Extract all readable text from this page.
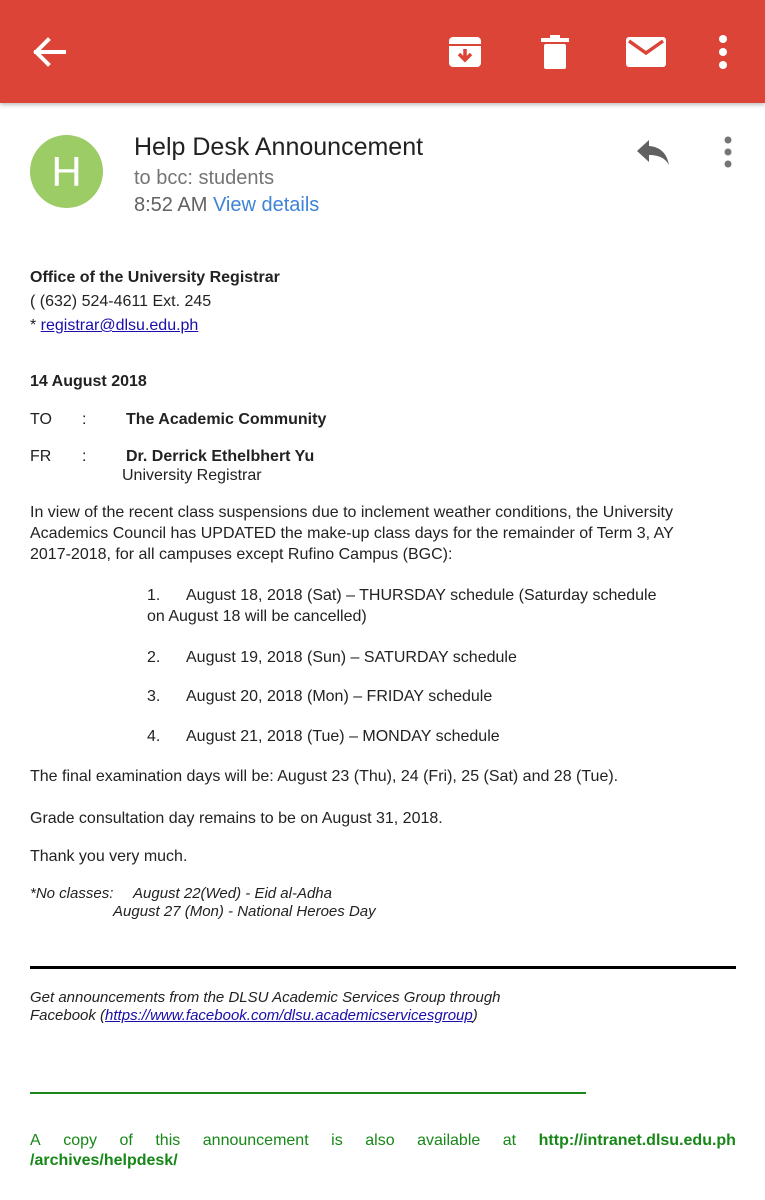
H
Help Desk Announcement
to bcc: students
8:52 AM View details
Office of the University Registrar
( (632) 524-4611 Ext. 245
* registrar@dlsu.edu.ph
14 August 2018
TO : The Academic Community
FR : Dr. Derrick Ethelbhert Yu
University Registrar
In view of the recent class suspensions due to inclement weather conditions, the University
Academics Council has UPDATED the make-up class days for the remainder of Term 3, AY
2017-2018, for all campuses except Rufino Campus (BGC):
1. August 18, 2018 (Sat) – THURSDAY schedule (Saturday schedule
on August 18 will be cancelled)
2. August 19, 2018 (Sun) – SATURDAY schedule
3. August 20, 2018 (Mon) – FRIDAY schedule
4. August 21, 2018 (Tue) – MONDAY schedule
The final examination days will be: August 23 (Thu), 24 (Fri), 25 (Sat) and 28 (Tue).
Grade consultation day remains to be on August 31, 2018.
Thank you very much.
*No classes: August 22(Wed) - Eid al-Adha
August 27 (Mon) - National Heroes Day
Get announcements from the DLSU Academic Services Group through
Facebook (https://www.facebook.com/dlsu.academicservicesgroup)
A copy of this announcement is also available at http://intranet.dlsu.edu.ph
/archives/helpdesk/
